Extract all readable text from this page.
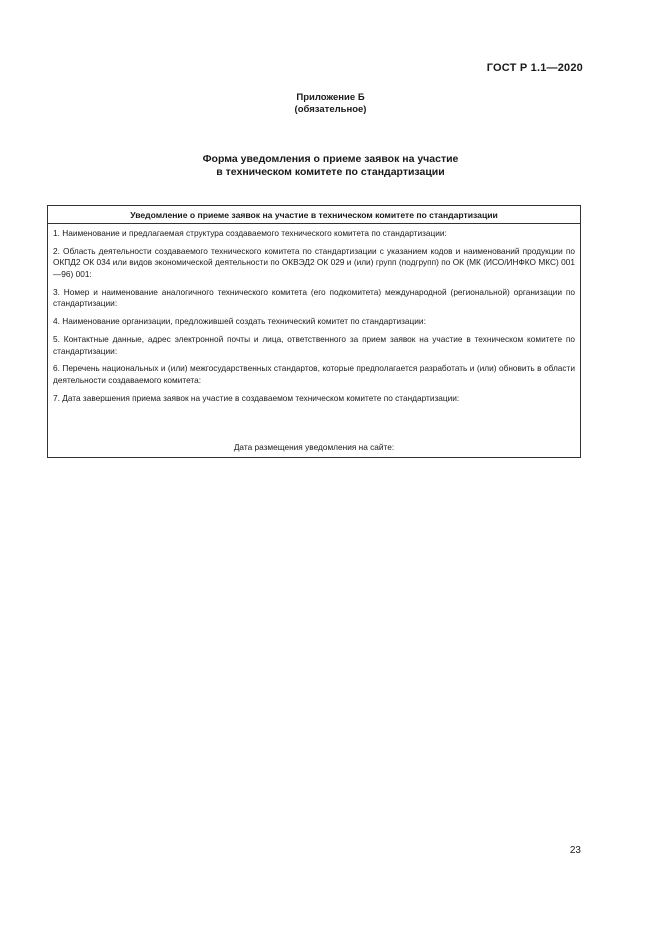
ГОСТ Р 1.1—2020
Приложение Б
(обязательное)
Форма уведомления о приеме заявок на участие
в техническом комитете по стандартизации
Уведомление о приеме заявок на участие в техническом комитете по стандартизации
1. Наименование и предлагаемая структура создаваемого технического комитета по стандартизации:
2. Область деятельности создаваемого технического комитета по стандартизации с указанием кодов и наименований продукции по ОКПД2 ОК 034 или видов экономической деятельности по ОКВЭД2 ОК 029 и (или) групп (подгрупп) по ОК (МК (ИСО/ИНФКО МКС) 001—96) 001:
3. Номер и наименование аналогичного технического комитета (его подкомитета) международной (региональной) организации по стандартизации:
4. Наименование организации, предложившей создать технический комитет по стандартизации:
5. Контактные данные, адрес электронной почты и лица, ответственного за прием заявок на участие в техническом комитете по стандартизации:
6. Перечень национальных и (или) межгосударственных стандартов, которые предполагается разработать и (или) обновить в области деятельности создаваемого комитета:
7. Дата завершения приема заявок на участие в создаваемом техническом комитете по стандартизации:
Дата размещения уведомления на сайте:
23
